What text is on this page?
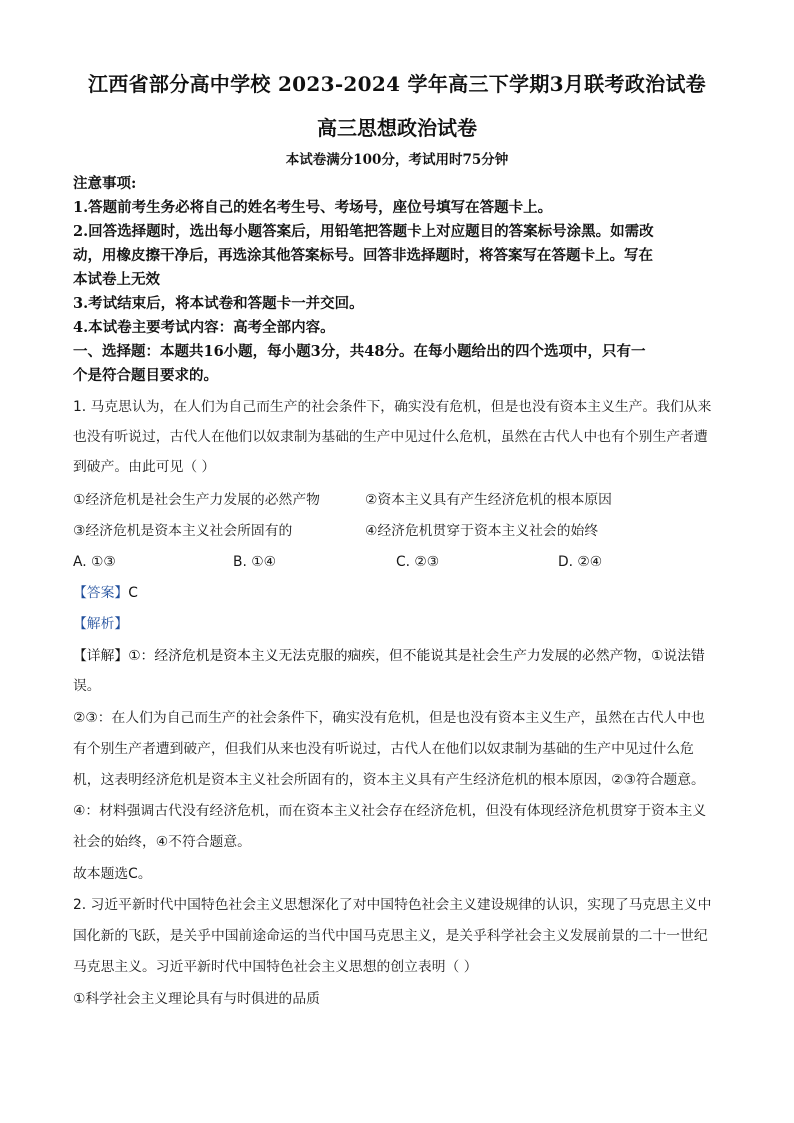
江西省部分高中学校 2023-2024 学年高三下学期3月联考政治试卷
高三思想政治试卷
本试卷满分100分，考试用时75分钟
注意事项:
1.答题前考生务必将自己的姓名考生号、考场号，座位号填写在答题卡上。
2.回答选择题时，选出每小题答案后，用铅笔把答题卡上对应题目的答案标号涂黑。如需改
动，用橡皮擦干净后，再选涂其他答案标号。回答非选择题时，将答案写在答题卡上。写在
本试卷上无效
3.考试结束后，将本试卷和答题卡一并交回。
4.本试卷主要考试内容：高考全部内容。
一、选择题：本题共16小题，每小题3分，共48分。在每小题给出的四个选项中，只有一
个是符合题目要求的。
1. 马克思认为，在人们为自己而生产的社会条件下，确实没有危机，但是也没有资本主义生产。我们从来
也没有听说过，古代人在他们以奴隶制为基础的生产中见过什么危机，虽然在古代人中也有个别生产者遭
到破产。由此可见（ ）
①经济危机是社会生产力发展的必然产物	②资本主义具有产生经济危机的根本原因
③经济危机是资本主义社会所固有的	④经济危机贯穿于资本主义社会的始终
A. ①③	B. ①④	C. ②③	D. ②④
【答案】C
【解析】
【详解】①：经济危机是资本主义无法克服的痼疾，但不能说其是社会生产力发展的必然产物，①说法错
误。
②③：在人们为自己而生产的社会条件下，确实没有危机，但是也没有资本主义生产，虽然在古代人中也
有个别生产者遭到破产，但我们从来也没有听说过，古代人在他们以奴隶制为基础的生产中见过什么危
机，这表明经济危机是资本主义社会所固有的，资本主义具有产生经济危机的根本原因，②③符合题意。
④：材料强调古代没有经济危机，而在资本主义社会存在经济危机，但没有体现经济危机贯穿于资本主义
社会的始终，④不符合题意。
故本题选C。
2. 习近平新时代中国特色社会主义思想深化了对中国特色社会主义建设规律的认识，实现了马克思主义中
国化新的飞跃，是关乎中国前途命运的当代中国马克思主义，是关乎科学社会主义发展前景的二十一世纪
马克思主义。习近平新时代中国特色社会主义思想的创立表明（ ）
①科学社会主义理论具有与时俱进的品质
